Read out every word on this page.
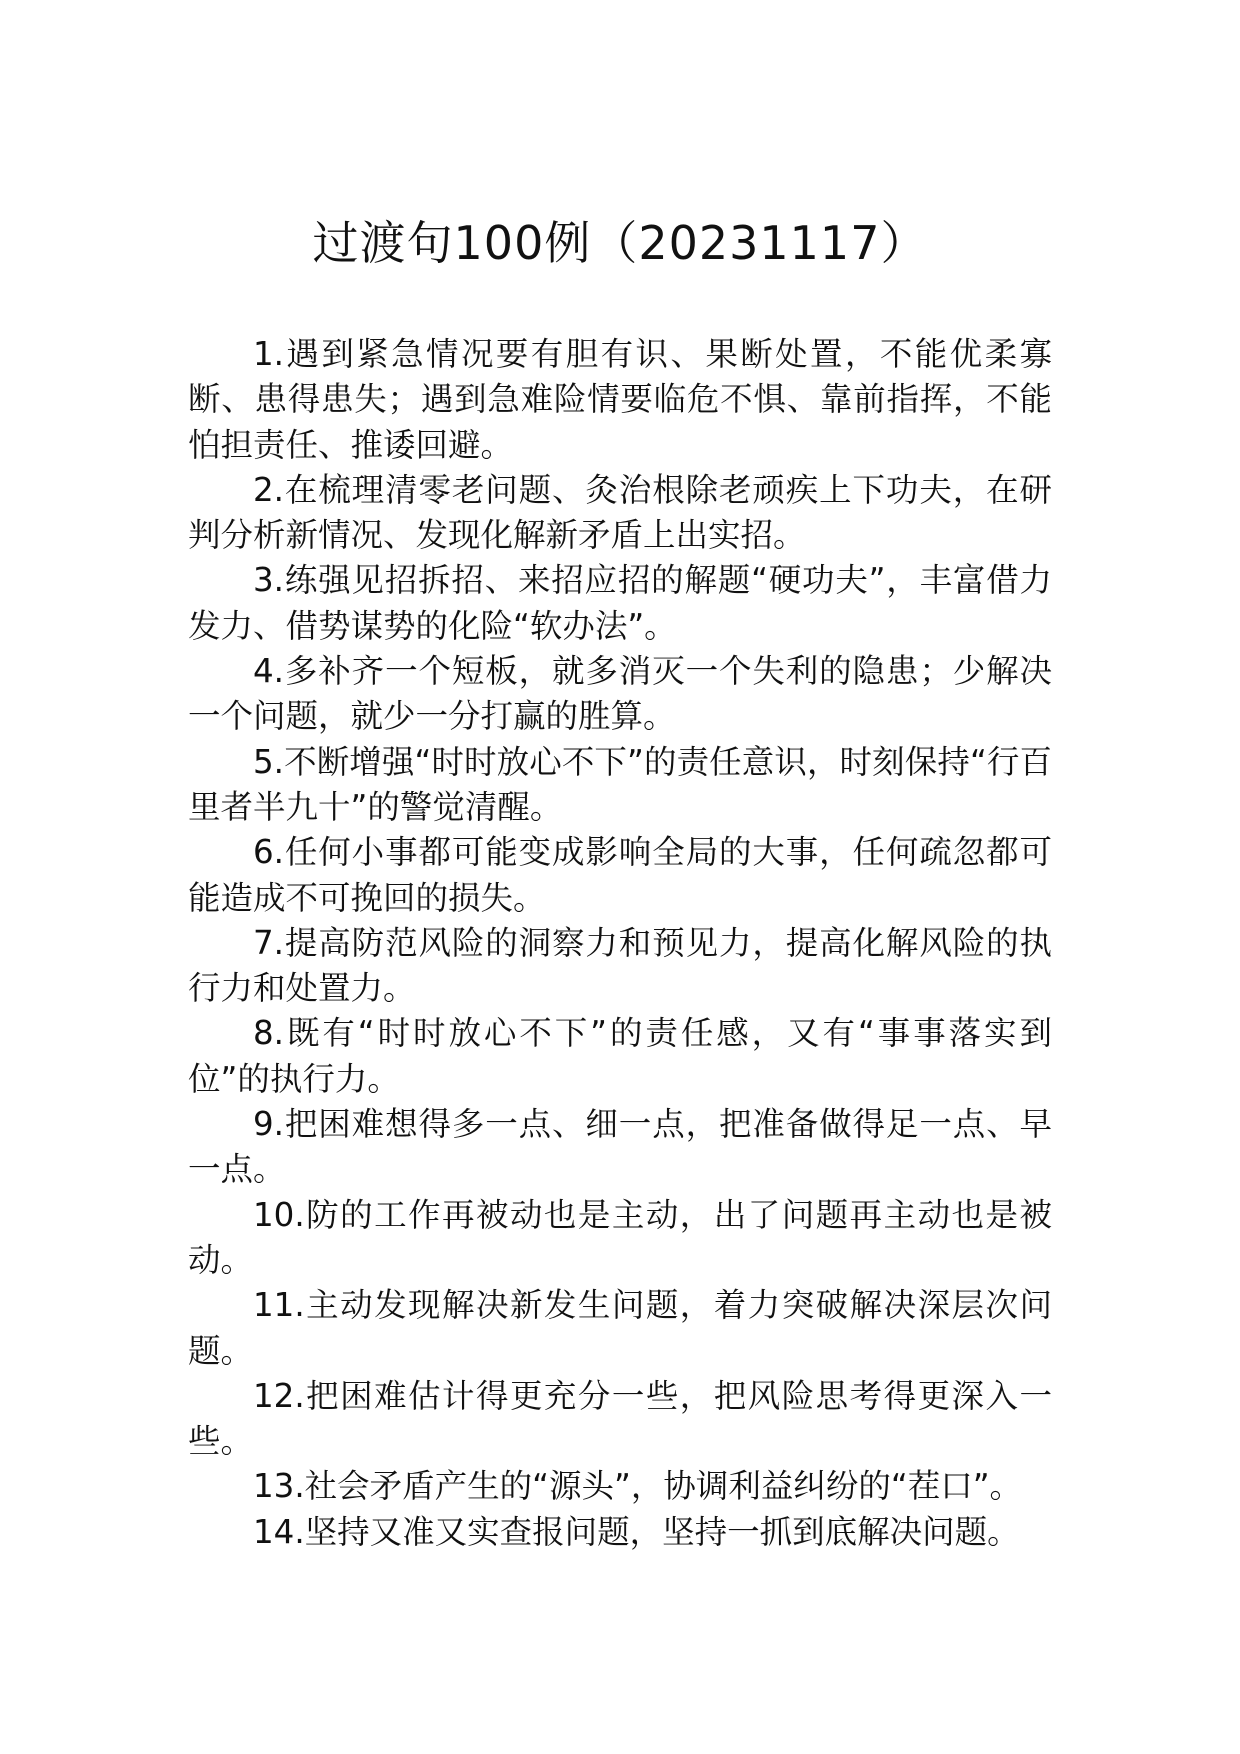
过渡句100例（20231117）

1.遇到紧急情况要有胆有识、果断处置，不能优柔寡断、患得患失；遇到急难险情要临危不惧、靠前指挥，不能怕担责任、推诿回避。

2.在梳理清零老问题、灸治根除老顽疾上下功夫，在研判分析新情况、发现化解新矛盾上出实招。

3.练强见招拆招、来招应招的解题“硬功夫”，丰富借力发力、借势谋势的化险“软办法”。

4.多补齐一个短板，就多消灭一个失利的隐患；少解决一个问题，就少一分打赢的胜算。

5.不断增强“时时放心不下”的责任意识，时刻保持“行百里者半九十”的警觉清醒。

6.任何小事都可能变成影响全局的大事，任何疏忽都可能造成不可挽回的损失。

7.提高防范风险的洞察力和预见力，提高化解风险的执行力和处置力。

8.既有“时时放心不下”的责任感，又有“事事落实到位”的执行力。

9.把困难想得多一点、细一点，把准备做得足一点、早一点。

10.防的工作再被动也是主动，出了问题再主动也是被动。

11.主动发现解决新发生问题，着力突破解决深层次问题。

12.把困难估计得更充分一些，把风险思考得更深入一些。

13.社会矛盾产生的“源头”，协调利益纠纷的“茬口”。

14.坚持又准又实查报问题，坚持一抓到底解决问题。
